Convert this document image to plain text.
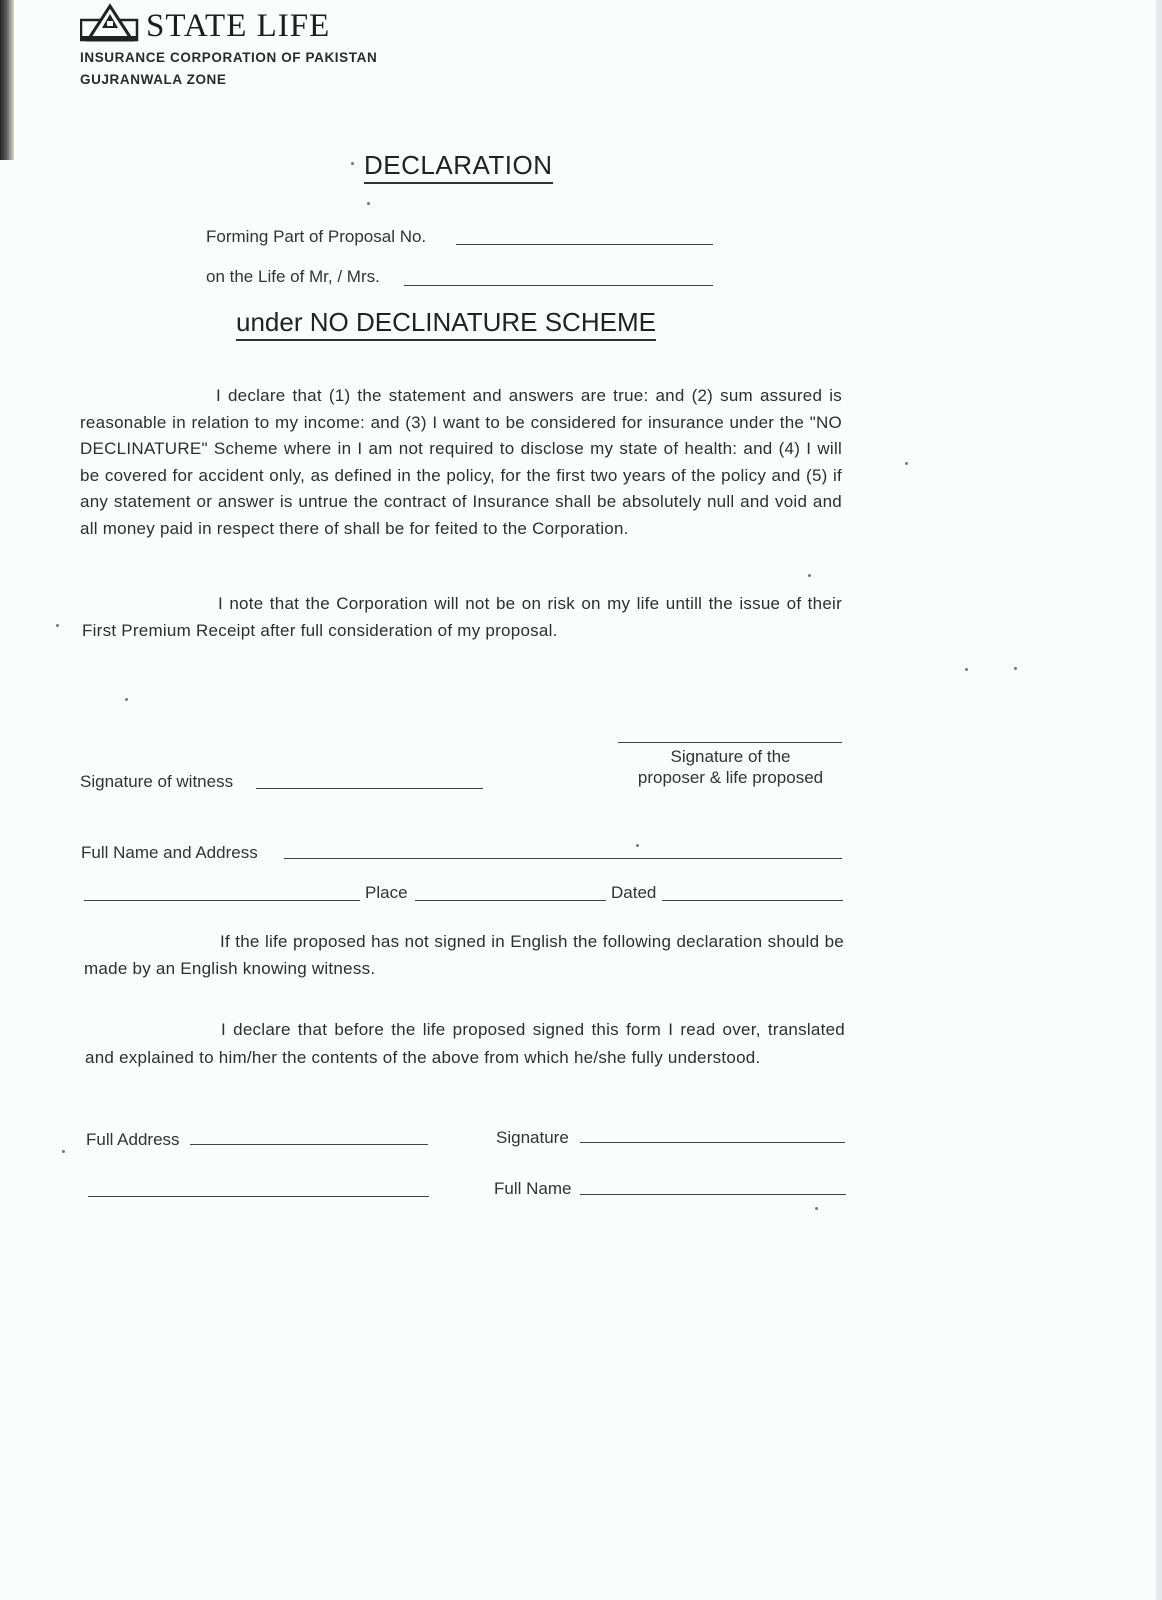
STATE LIFE
INSURANCE CORPORATION OF PAKISTAN
GUJRANWALA ZONE
DECLARATION
Forming Part of Proposal No.
on the Life of Mr, / Mrs.
under NO DECLINATURE SCHEME
I declare that (1) the statement and answers are true: and (2) sum assured is reasonable in relation to my income: and (3) I want to be considered for insurance under the "NO DECLINATURE" Scheme where in I am not required to disclose my state of health: and (4) I will be covered for accident only, as defined in the policy, for the first two years of the policy and (5) if any statement or answer is untrue the contract of Insurance shall be absolutely null and void and all money paid in respect there of shall be for feited to the Corporation.
I note that the Corporation will not be on risk on my life untill the issue of their First Premium Receipt after full consideration of my proposal.
Signature of the
proposer & life proposed
Signature of witness
Full Name and Address
Place	Dated
If the life proposed has not signed in English the following declaration should be made by an English knowing witness.
I declare that before the life proposed signed this form I read over, translated and explained to him/her the contents of the above from which he/she fully understood.
Full Address	Signature
Full Name
